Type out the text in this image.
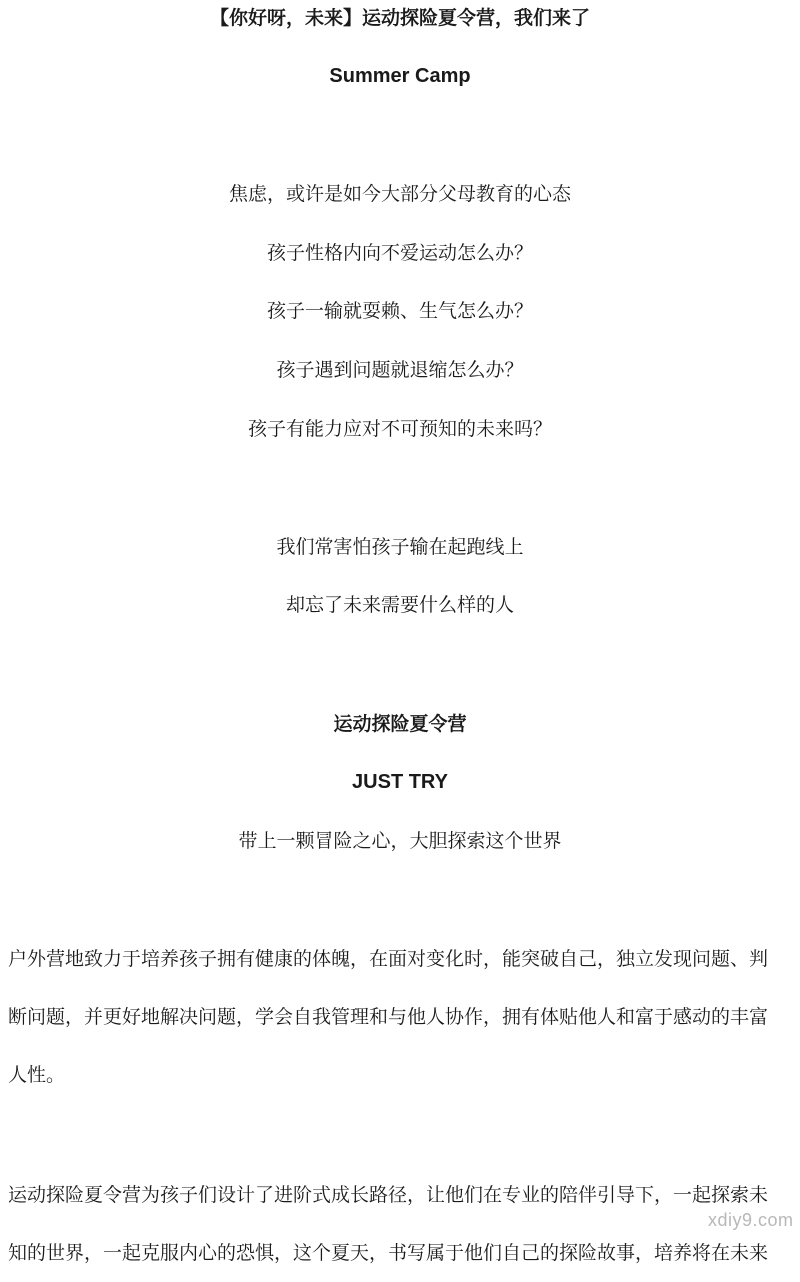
【你好呀，未来】运动探险夏令营，我们来了
Summer Camp
焦虑，或许是如今大部分父母教育的心态
孩子性格内向不爱运动怎么办？
孩子一输就耍赖、生气怎么办？
孩子遇到问题就退缩怎么办？
孩子有能力应对不可预知的未来吗？
我们常害怕孩子输在起跑线上
却忘了未来需要什么样的人
运动探险夏令营
JUST TRY
带上一颗冒险之心，大胆探索这个世界
户外营地致力于培养孩子拥有健康的体魄，在面对变化时，能突破自己，独立发现问题、判
断问题，并更好地解决问题，学会自我管理和与他人协作，拥有体贴他人和富于感动的丰富
人性。
运动探险夏令营为孩子们设计了进阶式成长路径，让他们在专业的陪伴引导下，一起探索未
知的世界，一起克服内心的恐惧，这个夏天，书写属于他们自己的探险故事，培养将在未来
xdiy9.com
